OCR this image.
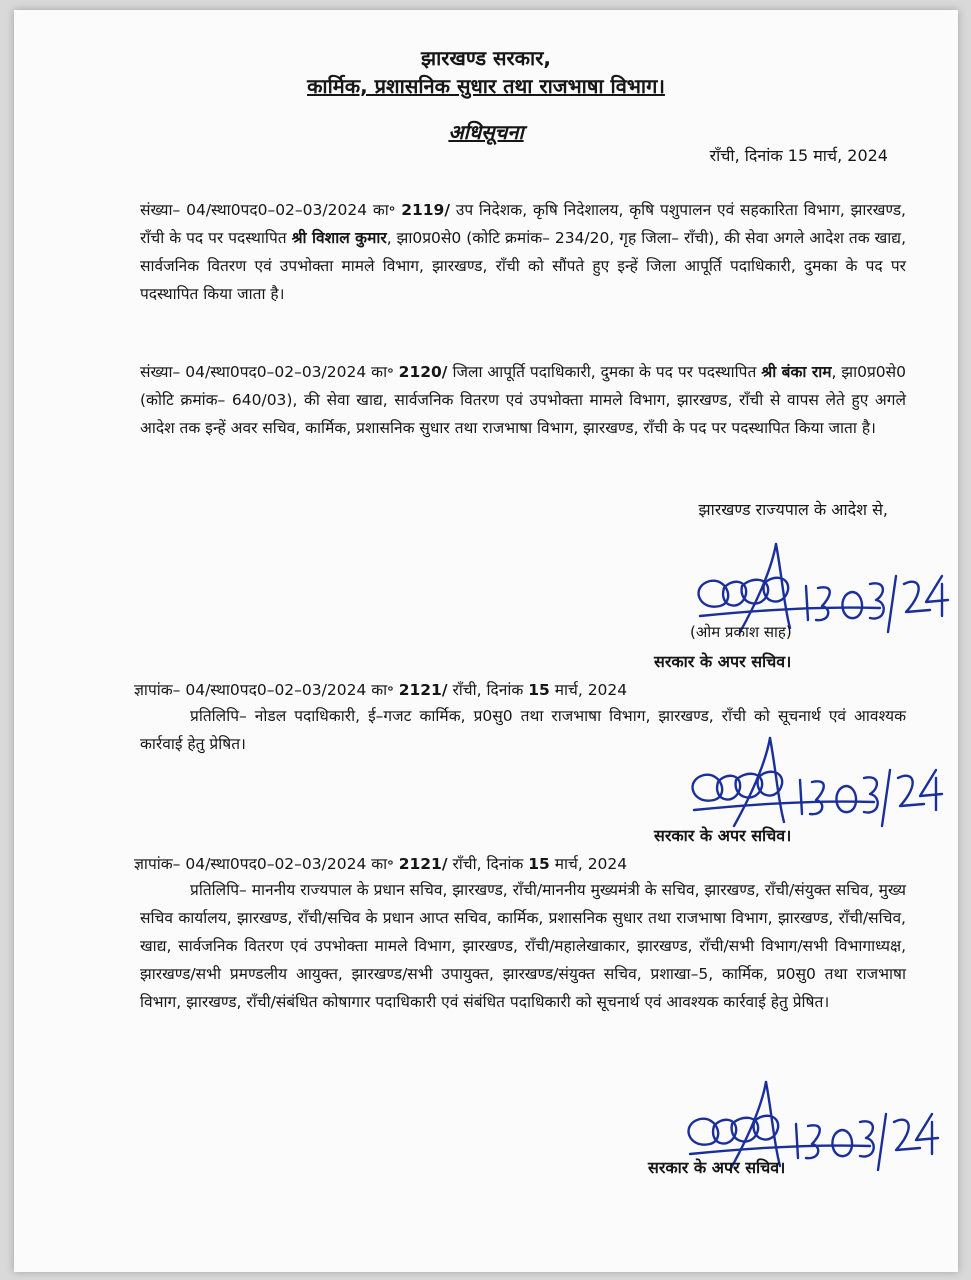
झारखण्ड सरकार,
कार्मिक, प्रशासनिक सुधार तथा राजभाषा विभाग।
अधिसूचना
राँची, दिनांक 15 मार्च, 2024

संख्या– 04/स्था0पद0–02–03/2024 का॰ 2119/ उप निदेशक, कृषि निदेशालय, कृषि पशुपालन एवं सहकारिता विभाग, झारखण्ड, राँची के पद पर पदस्थापित श्री विशाल कुमार, झा0प्र0से0 (कोटि क्रमांक– 234/20, गृह जिला– राँची), की सेवा अगले आदेश तक खाद्य, सार्वजनिक वितरण एवं उपभोक्ता मामले विभाग, झारखण्ड, राँची को सौंपते हुए इन्हें जिला आपूर्ति पदाधिकारी, दुमका के पद पर पदस्थापित किया जाता है।

संख्या– 04/स्था0पद0–02–03/2024 का॰ 2120/ जिला आपूर्ति पदाधिकारी, दुमका के पद पर पदस्थापित श्री बंका राम, झा0प्र0से0 (कोटि क्रमांक– 640/03), की सेवा खाद्य, सार्वजनिक वितरण एवं उपभोक्ता मामले विभाग, झारखण्ड, राँची से वापस लेते हुए अगले आदेश तक इन्हें अवर सचिव, कार्मिक, प्रशासनिक सुधार तथा राजभाषा विभाग, झारखण्ड, राँची के पद पर पदस्थापित किया जाता है।

झारखण्ड राज्यपाल के आदेश से,
(ओम प्रकाश साह)
सरकार के अपर सचिव।
ज्ञापांक– 04/स्था0पद0–02–03/2024 का॰ 2121/ राँची, दिनांक 15 मार्च, 2024

प्रतिलिपि– नोडल पदाधिकारी, ई–गजट कार्मिक, प्र0सु0 तथा राजभाषा विभाग, झारखण्ड, राँची को सूचनार्थ एवं आवश्यक कार्रवाई हेतु प्रेषित।

सरकार के अपर सचिव।
ज्ञापांक– 04/स्था0पद0–02–03/2024 का॰ 2121/ राँची, दिनांक 15 मार्च, 2024

प्रतिलिपि– माननीय राज्यपाल के प्रधान सचिव, झारखण्ड, राँची/माननीय मुख्यमंत्री के सचिव, झारखण्ड, राँची/संयुक्त सचिव, मुख्य सचिव कार्यालय, झारखण्ड, राँची/सचिव के प्रधान आप्त सचिव, कार्मिक, प्रशासनिक सुधार तथा राजभाषा विभाग, झारखण्ड, राँची/सचिव, खाद्य, सार्वजनिक वितरण एवं उपभोक्ता मामले विभाग, झारखण्ड, राँची/महालेखाकार, झारखण्ड, राँची/सभी विभाग/सभी विभागाध्यक्ष, झारखण्ड/सभी प्रमण्डलीय आयुक्त, झारखण्ड/सभी उपायुक्त, झारखण्ड/संयुक्त सचिव, प्रशाखा–5, कार्मिक, प्र0सु0 तथा राजभाषा विभाग, झारखण्ड, राँची/संबंधित कोषागार पदाधिकारी एवं संबंधित पदाधिकारी को सूचनार्थ एवं आवश्यक कार्रवाई हेतु प्रेषित।

सरकार के अपर सचिव।
